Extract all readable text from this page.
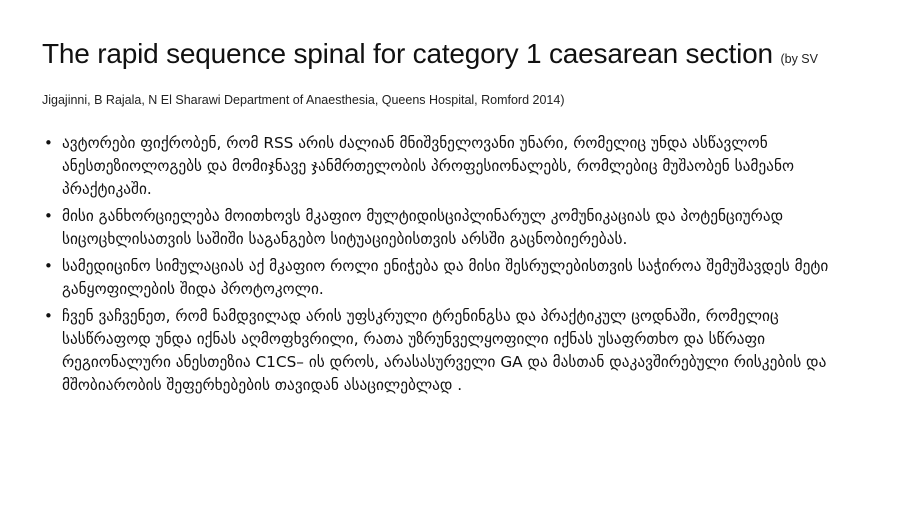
The rapid sequence spinal for category 1 caesarean section (by SV Jigajinni, B Rajala, N El Sharawi Department of Anaesthesia, Queens Hospital, Romford 2014)
• ავტორები ფიქრობენ, რომ RSS არის ძალიან მნიშვნელოვანი უნარი, რომელიც უნდა ასწავლონ ანესთეზიოლოგებს და მომიჯნავე ჯანმრთელობის პროფესიონალებს, რომლებიც მუშაობენ სამეანო პრაქტიკაში.
• მისი განხორციელება მოითხოვს მკაფიო მულტიდისციპლინარულ კომუნიკაციას და პოტენციურად სიცოცხლისათვის საშიში საგანგებო სიტუაციებისთვის არსში გაცნობიერებას.
• სამედიცინო სიმულაციას აქ მკაფიო როლი ენიჭება და მისი შესრულებისთვის საჭიროა შემუშავდეს მეტი განყოფილების შიდა პროტოკოლი.
• ჩვენ ვაჩვენეთ, რომ ნამდვილად არის უფსკრული ტრენინგსა და პრაქტიკულ ცოდნაში, რომელიც სასწრაფოდ უნდა იქნას აღმოფხვრილი, რათა უზრუნველყოფილი იქნას უსაფრთხო და სწრაფი რეგიონალური ანესთეზია C1CS– ის დროს, არასასურველი GA და მასთან დაკავშირებული რისკების და მშობიარობის შეფერხებების თავიდან ასაცილებლად .
